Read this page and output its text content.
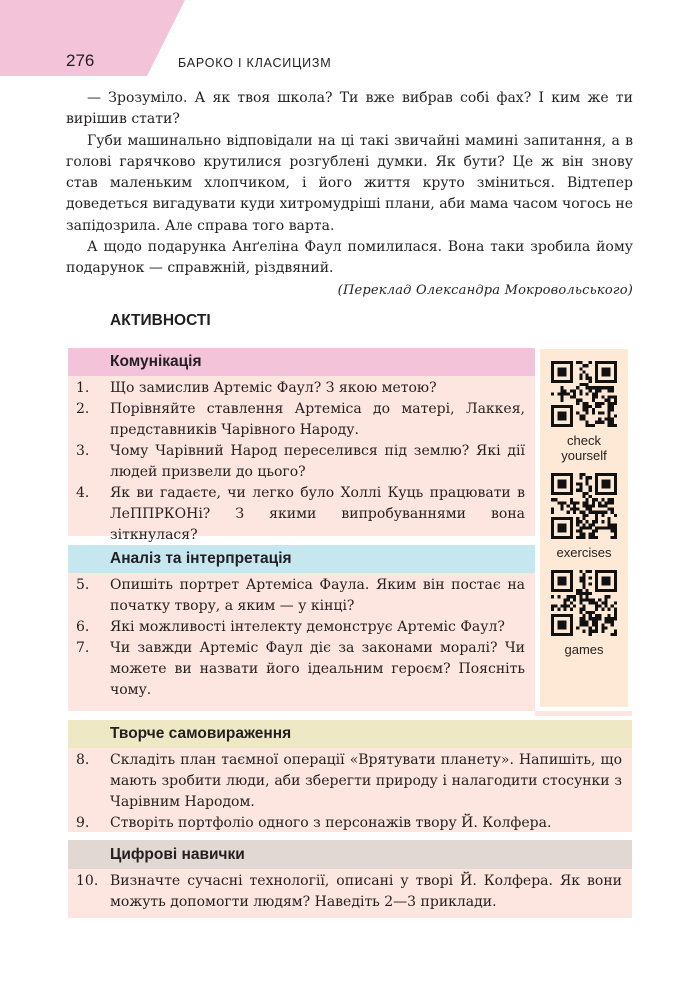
276	БАРОКО І КЛАСИЦИЗМ

— Зрозуміло. А як твоя школа? Ти вже вибрав собі фах? І ким же ти вирішив стати?

Губи машинально відповідали на ці такі звичайні мамині запитання, а в голові гарячково крутилися розгублені думки. Як бути? Це ж він знову став маленьким хлопчиком, і його життя круто зміниться. Відтепер доведеться вигадувати куди хитромудріші плани, аби мама часом чогось не запідозрила. Але справа того варта.

А щодо подарунка Анґеліна Фаул помилилася. Вона таки зробила йому подарунок — справжній, різдвяний.

(Переклад Олександра Мокровольського)

АКТИВНОСТІ
Комунікація
1.	Що замислив Артеміс Фаул? З якою метою?
2.	Порівняйте ставлення Артеміса до матері, Лаккея, представників Чарівного Народу.
3.	Чому Чарівний Народ переселився під землю? Які дії людей призвели до цього?
4.	Як ви гадаєте, чи легко було Холлі Куць працювати в ЛеППРКОНі? З якими випробуваннями вона зіткнулася?
Аналіз та інтерпретація
5.	Опишіть портрет Артеміса Фаула. Яким він постає на початку твору, а яким — у кінці?
6.	Які можливості інтелекту демонструє Артеміс Фаул?
7.	Чи завжди Артеміс Фаул діє за законами моралі? Чи можете ви назвати його ідеальним героєм? Поясніть чому.
check yourself
exercises
games
Творче самовираження
8.	Складіть план таємної операції «Врятувати планету». Напишіть, що мають зробити люди, аби зберегти природу і налагодити стосунки з Чарівним Народом.
9.	Створіть портфоліо одного з персонажів твору Й. Колфера.
Цифрові навички
10. Визначте сучасні технології, описані у творі Й. Колфера. Як вони можуть допомогти людям? Наведіть 2—3 приклади.
